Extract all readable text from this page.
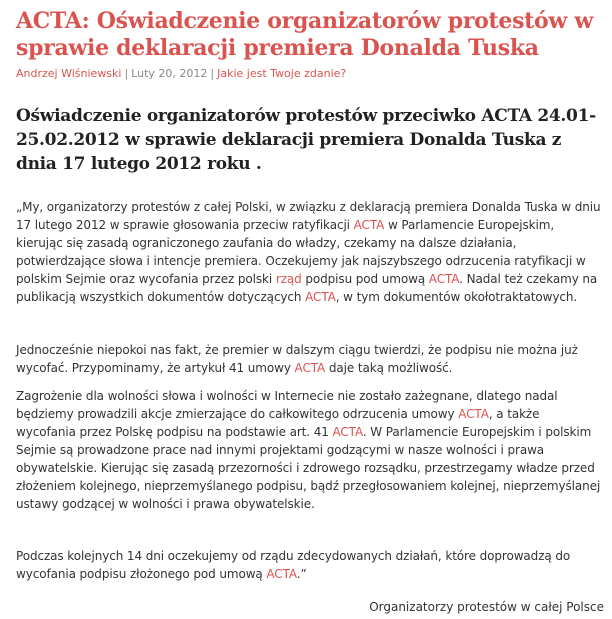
ACTA: Oświadczenie organizatorów protestów w sprawie deklaracji premiera Donalda Tuska
Andrzej Wiśniewski | Luty 20, 2012 | Jakie jest Twoje zdanie?
Oświadczenie organizatorów protestów przeciwko ACTA 24.01-25.02.2012 w sprawie deklaracji premiera Donalda Tuska z dnia 17 lutego 2012 roku .

„My, organizatorzy protestów z całej Polski, w związku z deklaracją premiera Donalda Tuska w dniu 17 lutego 2012 w sprawie głosowania przeciw ratyfikacji ACTA w Parlamencie Europejskim, kierując się zasadą ograniczonego zaufania do władzy, czekamy na dalsze działania, potwierdzające słowa i intencje premiera. Oczekujemy jak najszybszego odrzucenia ratyfikacji w polskim Sejmie oraz wycofania przez polski rząd podpisu pod umową ACTA. Nadal też czekamy na publikacją wszystkich dokumentów dotyczących ACTA, w tym dokumentów okołotraktatowych.

Jednocześnie niepokoi nas fakt, że premier w dalszym ciągu twierdzi, że podpisu nie można już wycofać. Przypominamy, że artykuł 41 umowy ACTA daje taką możliwość.

Zagrożenie dla wolności słowa i wolności w Internecie nie zostało zażegnane, dlatego nadal będziemy prowadzili akcje zmierzające do całkowitego odrzucenia umowy ACTA, a także wycofania przez Polskę podpisu na podstawie art. 41 ACTA. W Parlamencie Europejskim i polskim Sejmie są prowadzone prace nad innymi projektami godzącymi w nasze wolności i prawa obywatelskie. Kierując się zasadą przezorności i zdrowego rozsądku, przestrzegamy władze przed złożeniem kolejnego, nieprzemyślanego podpisu, bądź przegłosowaniem kolejnej, nieprzemyślanej ustawy godzącej w wolności i prawa obywatelskie.

Podczas kolejnych 14 dni oczekujemy od rządu zdecydowanych działań, które doprowadzą do wycofania podpisu złożonego pod umową ACTA.”

Organizatorzy protestów w całej Polsce
